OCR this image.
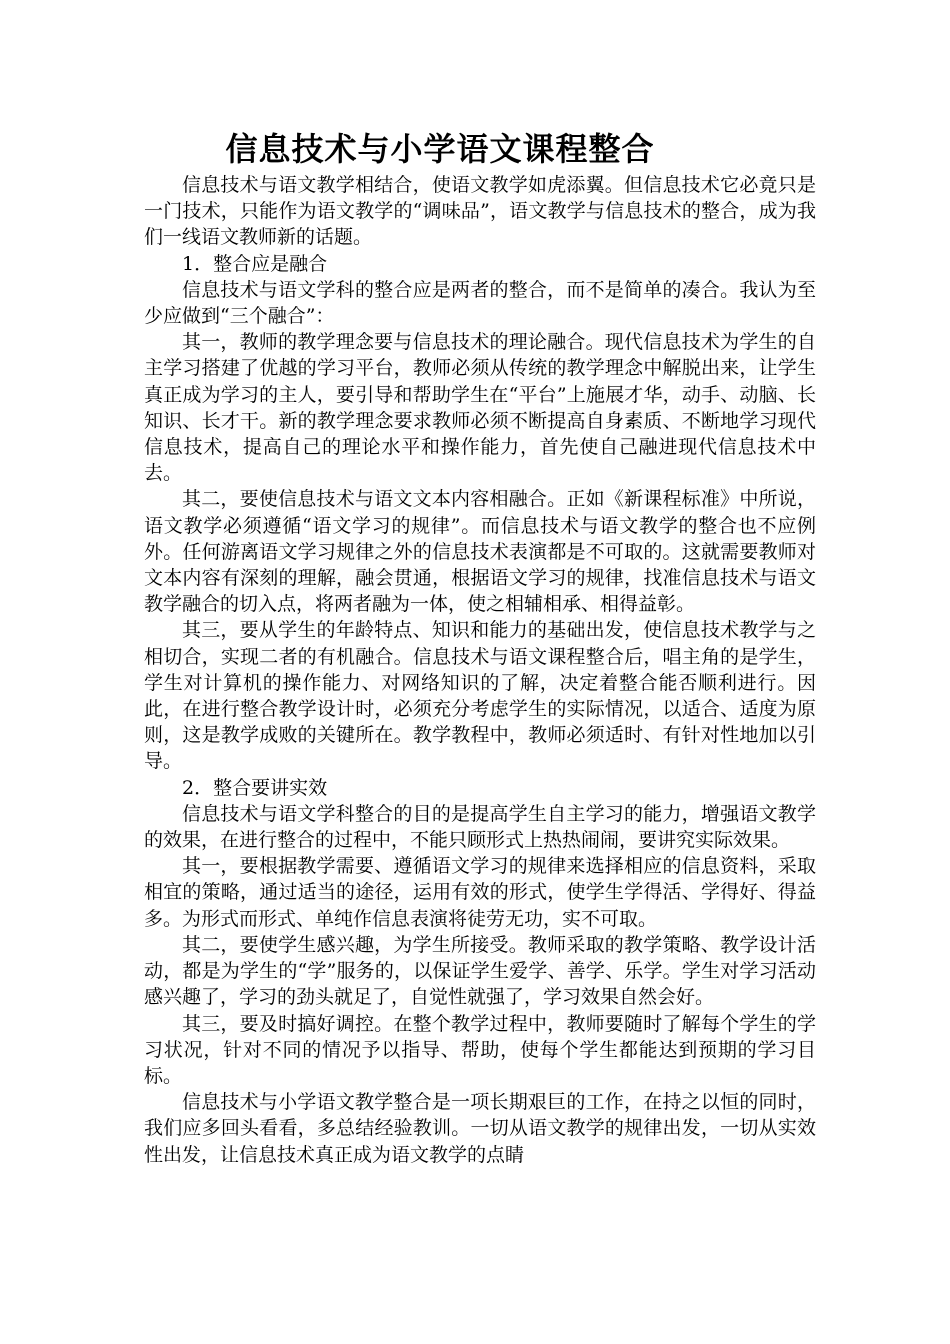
信息技术与小学语文课程整合

信息技术与语文教学相结合，使语文教学如虎添翼。但信息技术它必竟只是一门技术，只能作为语文教学的“调味品”，语文教学与信息技术的整合，成为我们一线语文教师新的话题。

1．整合应是融合

信息技术与语文学科的整合应是两者的整合，而不是简单的凑合。我认为至少应做到“三个融合”：

其一，教师的教学理念要与信息技术的理论融合。现代信息技术为学生的自主学习搭建了优越的学习平台，教师必须从传统的教学理念中解脱出来，让学生真正成为学习的主人，要引导和帮助学生在“平台”上施展才华，动手、动脑、长知识、长才干。新的教学理念要求教师必须不断提高自身素质、不断地学习现代信息技术，提高自己的理论水平和操作能力，首先使自己融进现代信息技术中去。

其二，要使信息技术与语文文本内容相融合。正如《新课程标准》中所说，语文教学必须遵循“语文学习的规律”。而信息技术与语文教学的整合也不应例外。任何游离语文学习规律之外的信息技术表演都是不可取的。这就需要教师对文本内容有深刻的理解，融会贯通，根据语文学习的规律，找准信息技术与语文教学融合的切入点，将两者融为一体，使之相辅相承、相得益彰。

其三，要从学生的年龄特点、知识和能力的基础出发，使信息技术教学与之相切合，实现二者的有机融合。信息技术与语文课程整合后，唱主角的是学生，学生对计算机的操作能力、对网络知识的了解，决定着整合能否顺利进行。因此，在进行整合教学设计时，必须充分考虑学生的实际情况，以适合、适度为原则，这是教学成败的关键所在。教学教程中，教师必须适时、有针对性地加以引导。

2．整合要讲实效

信息技术与语文学科整合的目的是提高学生自主学习的能力，增强语文教学的效果，在进行整合的过程中，不能只顾形式上热热闹闹，要讲究实际效果。

其一，要根据教学需要、遵循语文学习的规律来选择相应的信息资料，采取相宜的策略，通过适当的途径，运用有效的形式，使学生学得活、学得好、得益多。为形式而形式、单纯作信息表演将徒劳无功，实不可取。

其二，要使学生感兴趣，为学生所接受。教师采取的教学策略、教学设计活动，都是为学生的“学”服务的，以保证学生爱学、善学、乐学。学生对学习活动感兴趣了，学习的劲头就足了，自觉性就强了，学习效果自然会好。

其三，要及时搞好调控。在整个教学过程中，教师要随时了解每个学生的学习状况，针对不同的情况予以指导、帮助，使每个学生都能达到预期的学习目标。

信息技术与小学语文教学整合是一项长期艰巨的工作，在持之以恒的同时，我们应多回头看看，多总结经验教训。一切从语文教学的规律出发，一切从实效性出发，让信息技术真正成为语文教学的点睛
